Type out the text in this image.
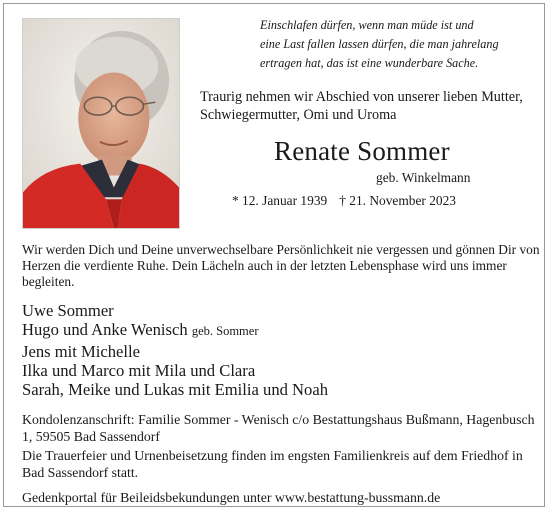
Einschlafen dürfen, wenn man müde ist und
eine Last fallen lassen dürfen, die man jahrelang
ertragen hat, das ist eine wunderbare Sache.
Traurig nehmen wir Abschied von unserer lieben Mutter,
Schwiegermutter, Omi und Uroma
Renate Sommer
geb. Winkelmann
* 12. Januar 1939 † 21. November 2023
Wir werden Dich und Deine unverwechselbare Persönlichkeit nie vergessen und gönnen Dir von Herzen die verdiente Ruhe. Dein Lächeln auch in der letzten Lebensphase wird uns immer begleiten.
Uwe Sommer
Hugo und Anke Wenisch geb. Sommer
Jens mit Michelle
Ilka und Marco mit Mila und Clara
Sarah, Meike und Lukas mit Emilia und Noah
Kondolenzanschrift: Familie Sommer - Wenisch c/o Bestattungshaus Bußmann, Hagenbusch 1, 59505 Bad Sassendorf
Die Trauerfeier und Urnenbeisetzung finden im engsten Familienkreis auf dem Friedhof in Bad Sassendorf statt.
Gedenkportal für Beileidsbekundungen unter www.bestattung-bussmann.de
